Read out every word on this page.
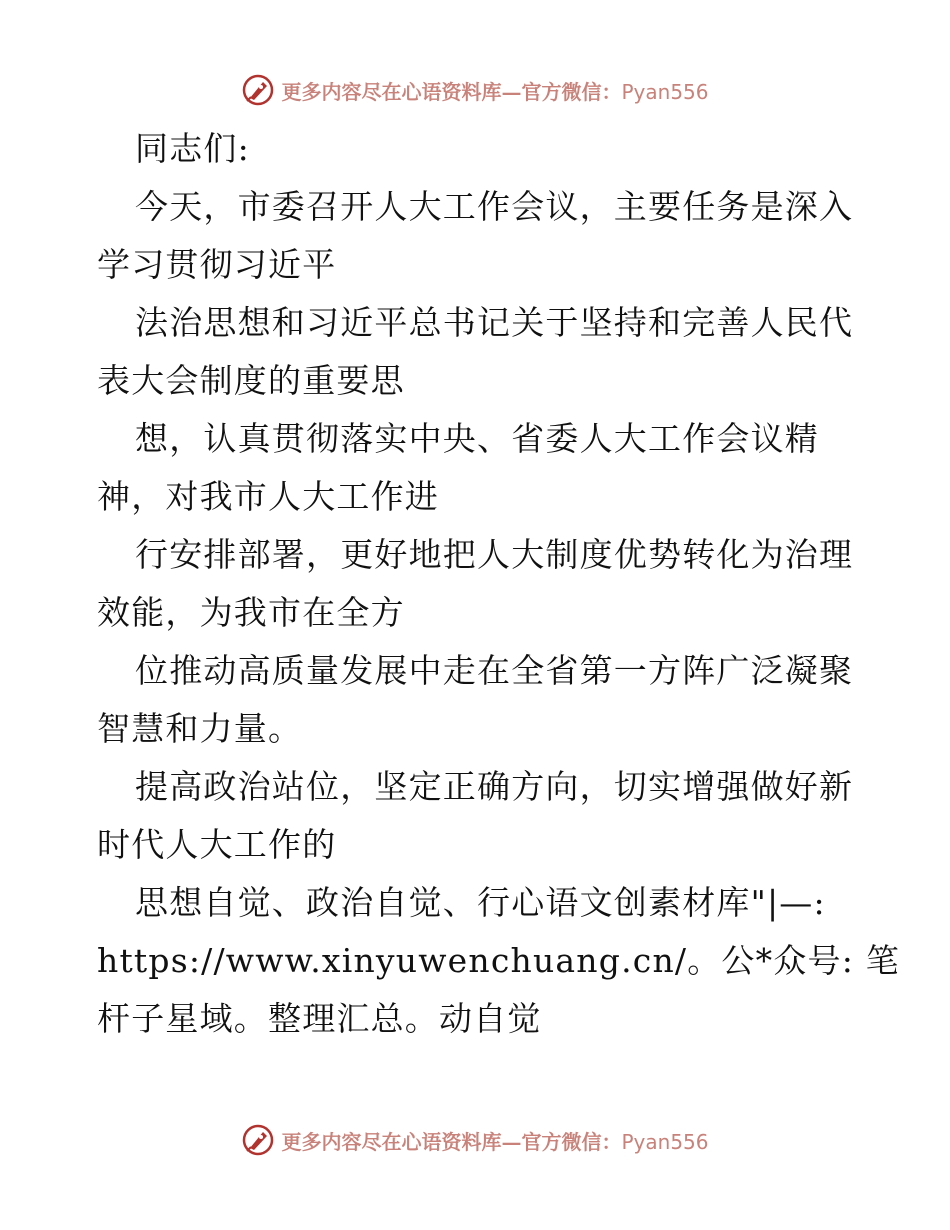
更多内容尽在心语资料库—官方微信：Pyan556
同志们:
今天，市委召开人大工作会议，主要任务是深入
学习贯彻习近平
法治思想和习近平总书记关于坚持和完善人民代
表大会制度的重要思
想，认真贯彻落实中央、省委人大工作会议精
神，对我市人大工作进
行安排部署，更好地把人大制度优势转化为治理
效能，为我市在全方
位推动高质量发展中走在全省第一方阵广泛凝聚
智慧和力量。
提高政治站位，坚定正确方向，切实增强做好新
时代人大工作的
思想自觉、政治自觉、行心语文创素材库"|—:
https://www.xinyuwenchuang.cn/。公*众号: 笔
杆子星域。整理汇总。动自觉
更多内容尽在心语资料库—官方微信：Pyan556
